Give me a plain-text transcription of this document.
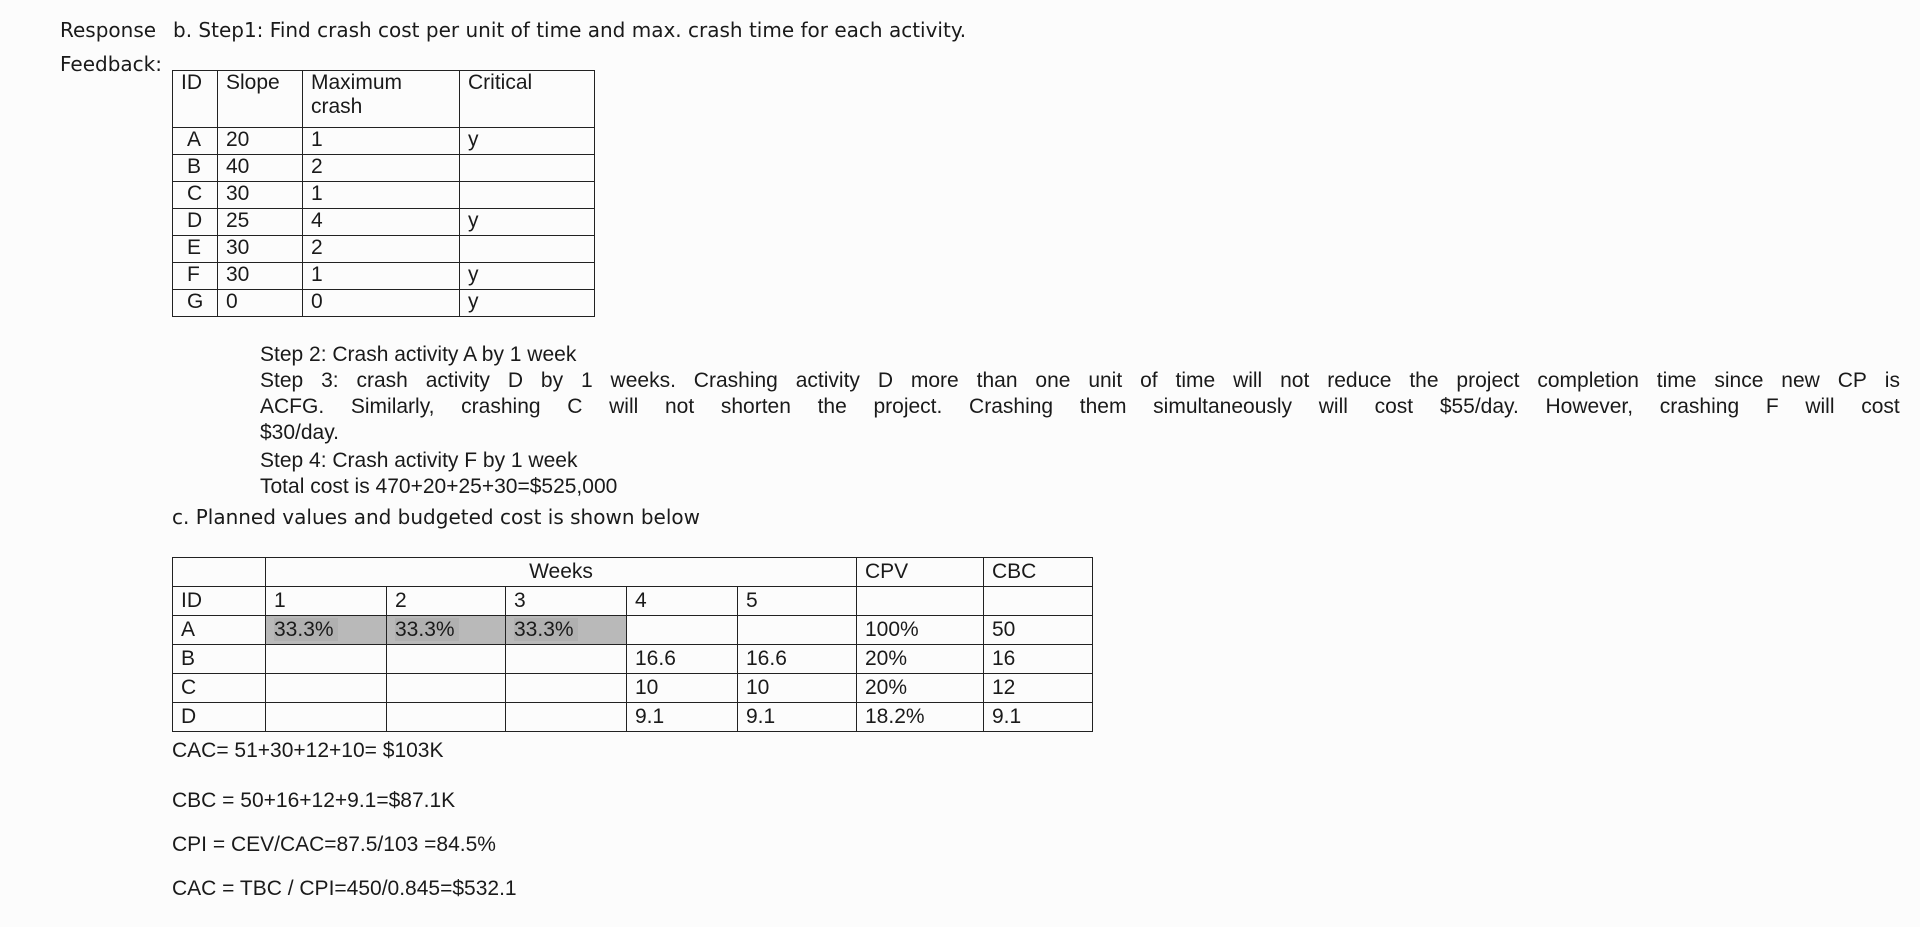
Response
Feedback:
b. Step1: Find crash cost per unit of time and max. crash time for each activity.
ID	Slope	Maximum
crash	Critical
A	20	1	y
B	40	2	
C	30	1	
D	25	4	y
E	30	2	
F	30	1	y
G	0	0	y
Step 2: Crash activity A by 1 week
Step 3: crash activity D by 1 weeks. Crashing activity D more than one unit of time will not reduce the project completion time since new CP is
ACFG. Similarly, crashing C will not shorten the project. Crashing them simultaneously will cost $55/day. However, crashing F will cost
$30/day.
Step 4: Crash activity F by 1 week
Total cost is 470+20+25+30=$525,000
c. Planned values and budgeted cost is shown below
	Weeks					CPV	CBC
ID	1	2	3	4	5		
A	33.3%	33.3%	33.3%			100%	50
B				16.6	16.6	20%	16
C				10	10	20%	12
D				9.1	9.1	18.2%	9.1
CAC= 51+30+12+10= $103K
CBC = 50+16+12+9.1=$87.1K
CPI = CEV/CAC=87.5/103 =84.5%
CAC = TBC / CPI=450/0.845=$532.1
